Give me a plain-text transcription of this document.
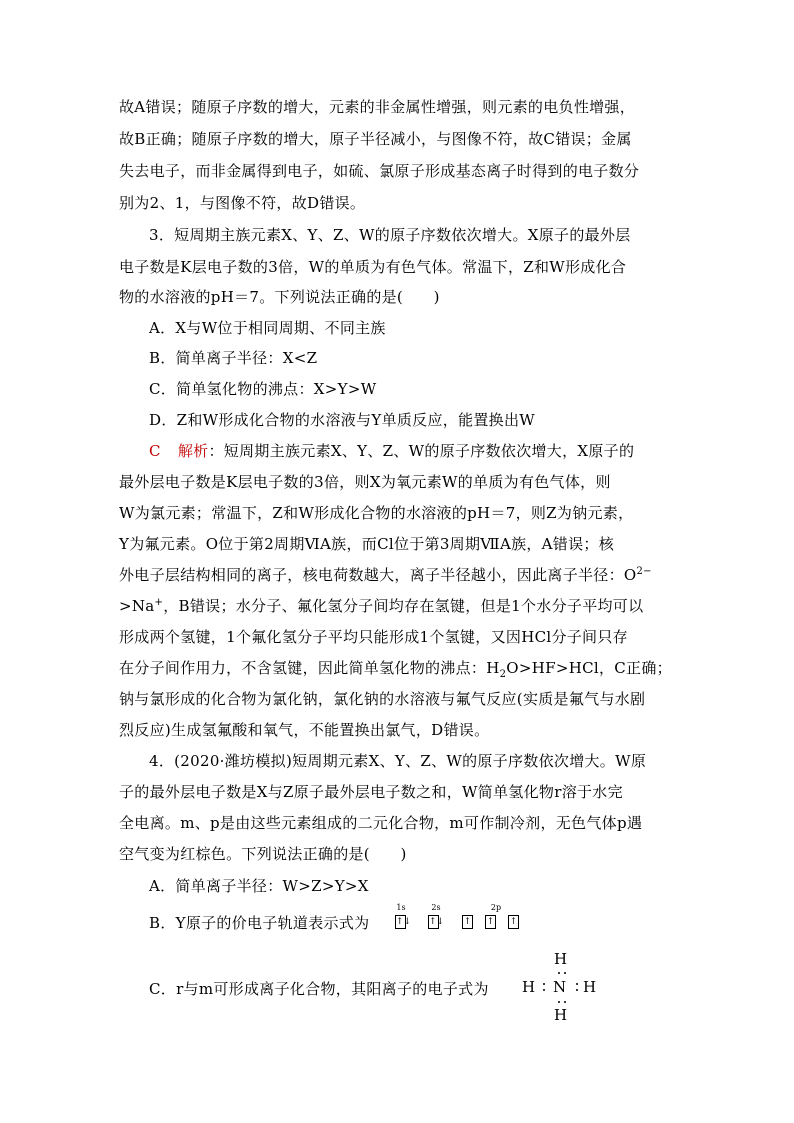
故A错误；随原子序数的增大，元素的非金属性增强，则元素的电负性增强，
故B正确；随原子序数的增大，原子半径减小，与图像不符，故C错误；金属
失去电子，而非金属得到电子，如硫、氯原子形成基态离子时得到的电子数分
别为2、1，与图像不符，故D错误。
3．短周期主族元素X、Y、Z、W的原子序数依次增大。X原子的最外层
电子数是K层电子数的3倍，W的单质为有色气体。常温下，Z和W形成化合
物的水溶液的pH＝7。下列说法正确的是(　　)
A．X与W位于相同周期、不同主族
B．简单离子半径：X<Z
C．简单氢化物的沸点：X>Y>W
D．Z和W形成化合物的水溶液与Y单质反应，能置换出W
C 解析：短周期主族元素X、Y、Z、W的原子序数依次增大，X原子的
最外层电子数是K层电子数的3倍，则X为氧元素W的单质为有色气体，则
W为氯元素；常温下，Z和W形成化合物的水溶液的pH＝7，则Z为钠元素，
Y为氟元素。O位于第2周期ⅥA族，而Cl位于第3周期ⅦA族，A错误；核
外电子层结构相同的离子，核电荷数越大，离子半径越小，因此离子半径：$O^{2-}$
>Na+，B错误；水分子、氟化氢分子间均存在氢键，但是1个水分子平均可以
形成两个氢键，1个氟化氢分子平均只能形成1个氢键，又因HCl分子间只存
在分子间作用力，不含氢键，因此简单氢化物的沸点：$H_2O>HF>HCl$，C正确；
钠与氯形成的化合物为氯化钠，氯化钠的水溶液与氟气反应(实质是氟气与水剧
烈反应)生成氢氟酸和氧气，不能置换出氯气，D错误。
4．(2020·潍坊模拟)短周期元素X、Y、Z、W的原子序数依次增大。W原
子的最外层电子数是X与Z原子最外层电子数之和，W简单氢化物r溶于水完
全电离。m、p是由这些元素组成的二元化合物，m可作制冷剂，无色气体p遇
空气变为红棕色。下列说法正确的是(　　)
A．简单离子半径：W>Z>Y>X
B．Y原子的价电子轨道表示式为
1s
↑↓
2s
↑↓
2p
↑ ↑ ↑
C．r与m可形成离子化合物，其阳离子的电子式为
H
H N H
H
